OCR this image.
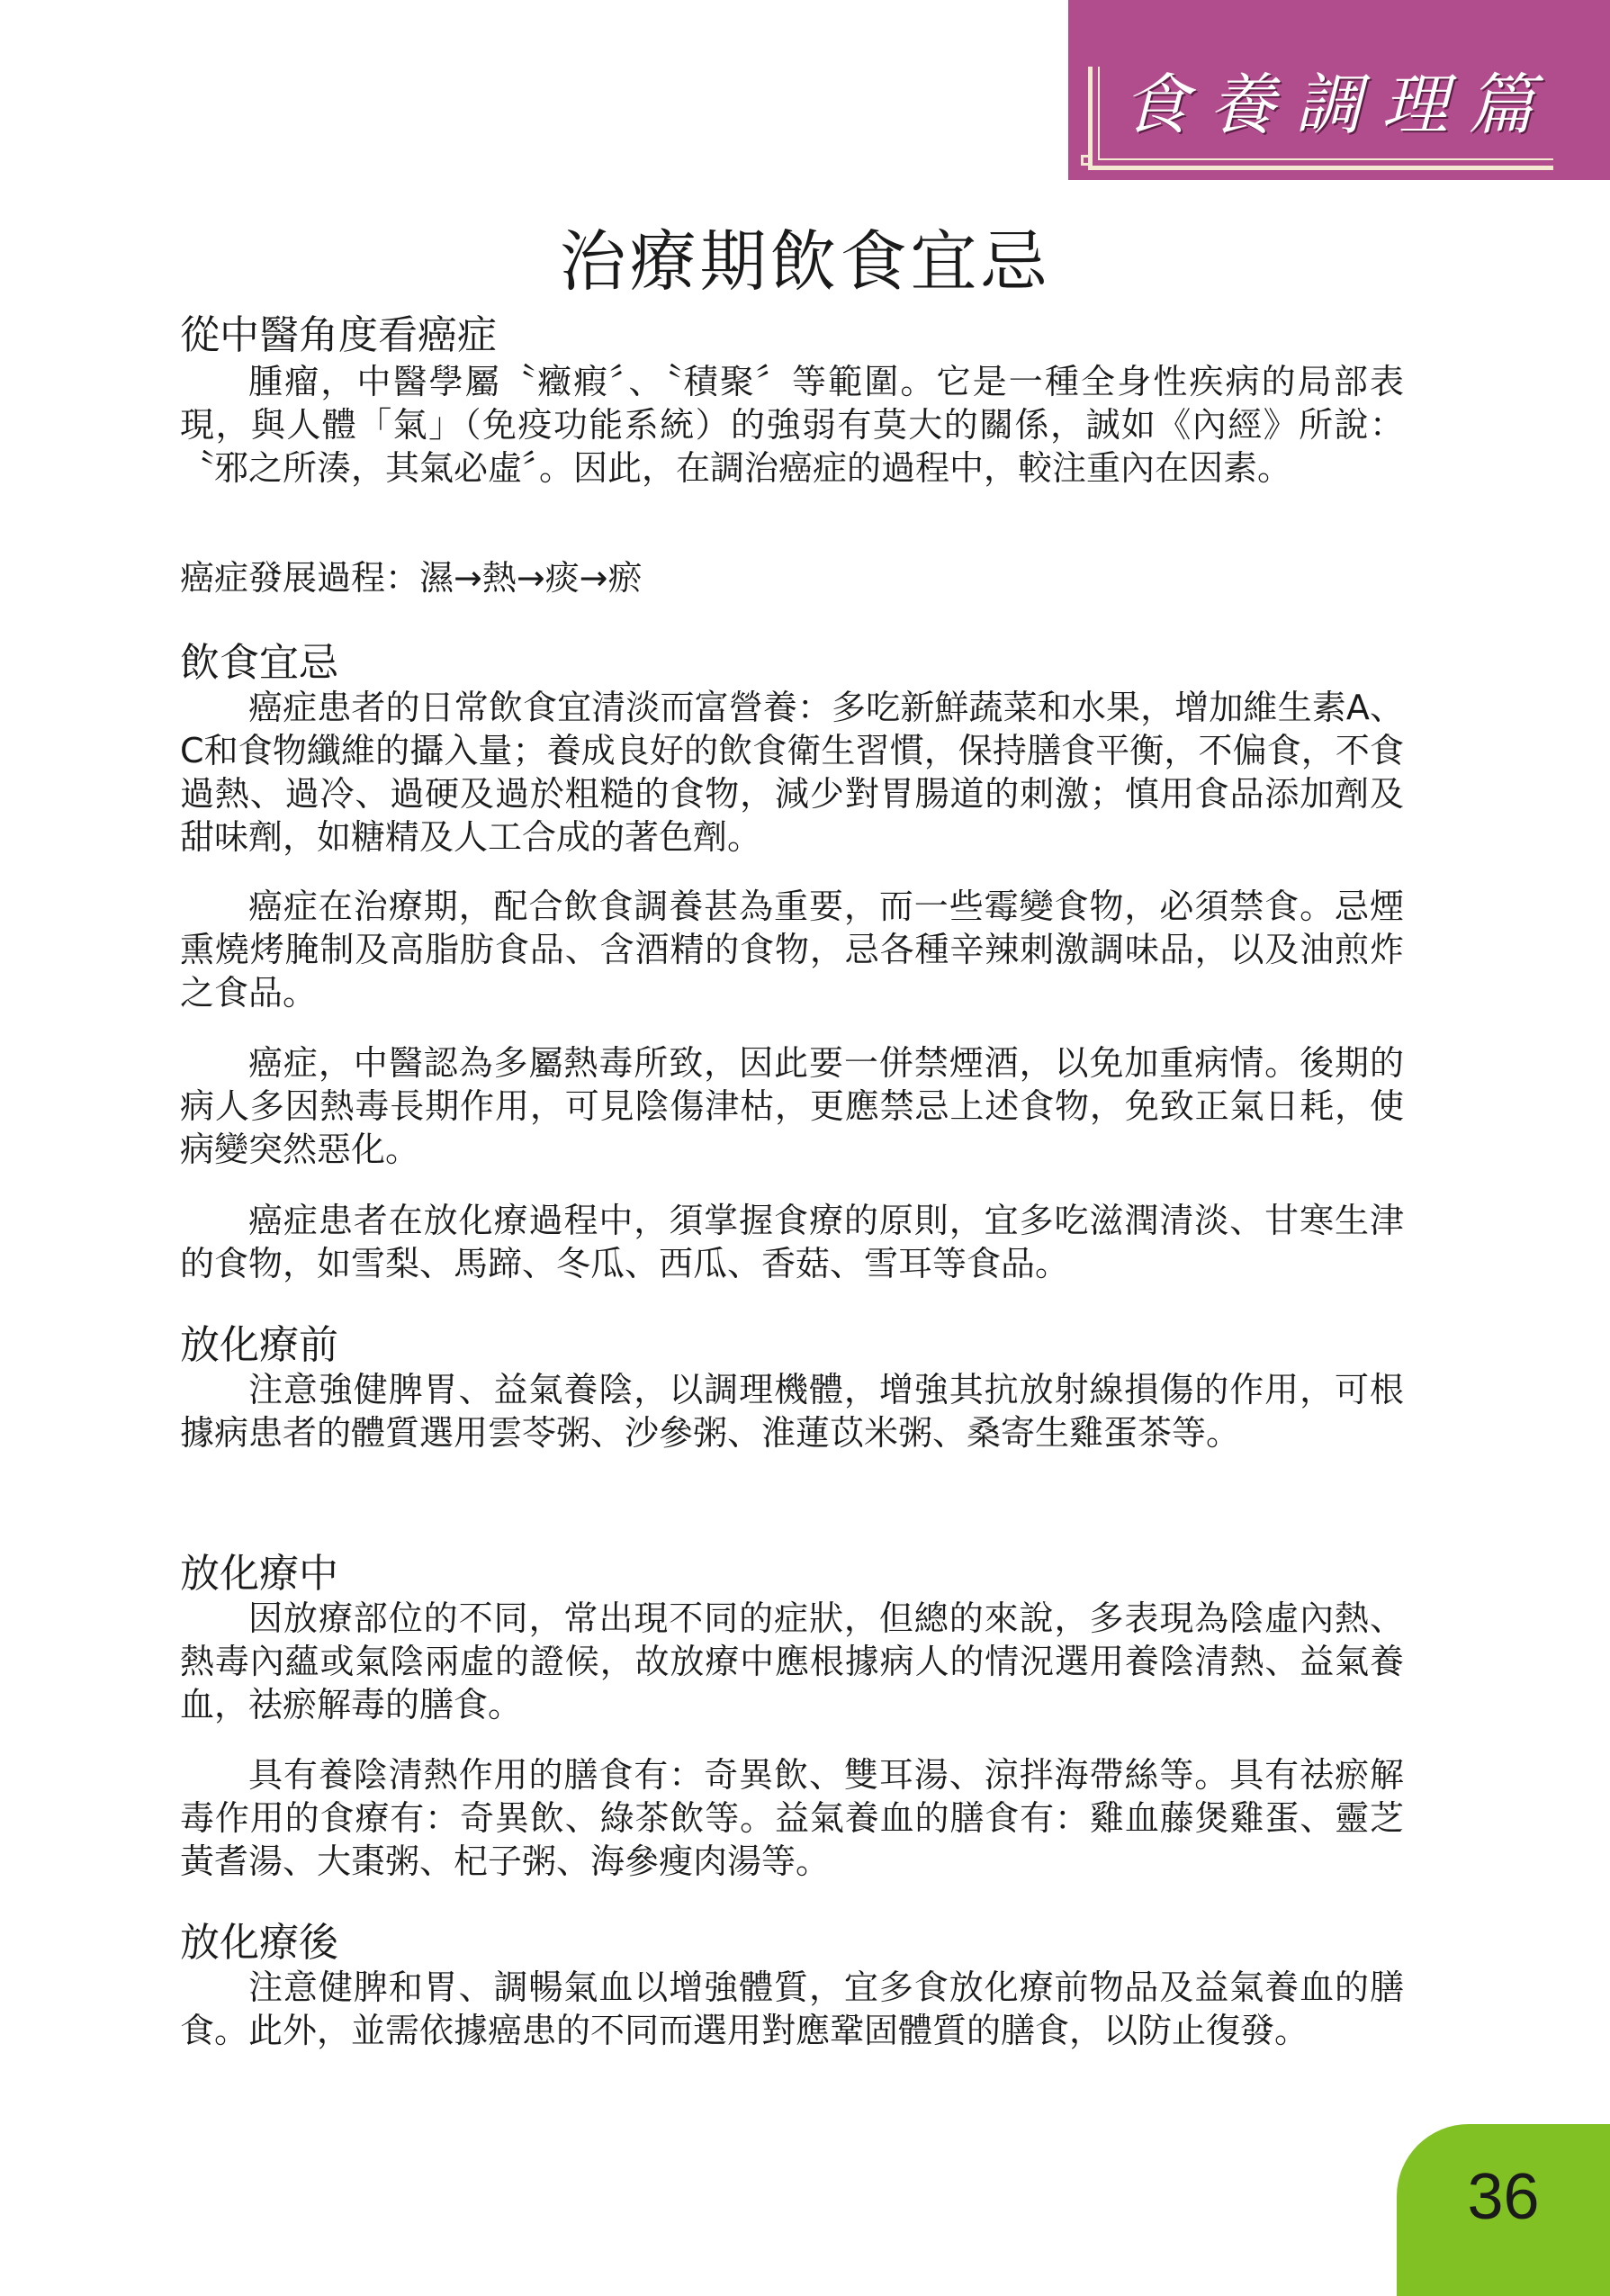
食養調理篇
治療期飲食宜忌
從中醫角度看癌症

腫瘤，中醫學屬〝癥瘕〞、〝積聚〞等範圍。它是一種全身性疾病的局部表現，與人體「氣」（免疫功能系統）的強弱有莫大的關係，誠如《內經》所說：〝邪之所湊，其氣必虛〞。因此，在調治癌症的過程中，較注重內在因素。

癌症發展過程：濕→熱→痰→瘀

飲食宜忌

癌症患者的日常飲食宜清淡而富營養：多吃新鮮蔬菜和水果，增加維生素A、C和食物纖維的攝入量；養成良好的飲食衛生習慣，保持膳食平衡，不偏食，不食過熱、過冷、過硬及過於粗糙的食物，減少對胃腸道的刺激；慎用食品添加劑及甜味劑，如糖精及人工合成的著色劑。

癌症在治療期，配合飲食調養甚為重要，而一些霉變食物，必須禁食。忌煙熏燒烤腌制及高脂肪食品、含酒精的食物，忌各種辛辣刺激調味品，以及油煎炸之食品。

癌症，中醫認為多屬熱毒所致，因此要一併禁煙酒，以免加重病情。後期的病人多因熱毒長期作用，可見陰傷津枯，更應禁忌上述食物，免致正氣日耗，使病變突然惡化。

癌症患者在放化療過程中，須掌握食療的原則，宜多吃滋潤清淡、甘寒生津的食物，如雪梨、馬蹄、冬瓜、西瓜、香菇、雪耳等食品。

放化療前

注意強健脾胃、益氣養陰，以調理機體，增強其抗放射線損傷的作用，可根據病患者的體質選用雲苓粥、沙參粥、淮蓮苡米粥、桑寄生雞蛋茶等。

放化療中

因放療部位的不同，常出現不同的症狀，但總的來說，多表現為陰虛內熱、熱毒內蘊或氣陰兩虛的證候，故放療中應根據病人的情況選用養陰清熱、益氣養血，祛瘀解毒的膳食。

具有養陰清熱作用的膳食有：奇異飲、雙耳湯、涼拌海帶絲等。具有祛瘀解毒作用的食療有：奇異飲、綠茶飲等。益氣養血的膳食有：雞血藤煲雞蛋、靈芝黃耆湯、大棗粥、杞子粥、海參瘦肉湯等。

放化療後

注意健脾和胃、調暢氣血以增強體質，宜多食放化療前物品及益氣養血的膳食。此外，並需依據癌患的不同而選用對應鞏固體質的膳食，以防止復發。

36
